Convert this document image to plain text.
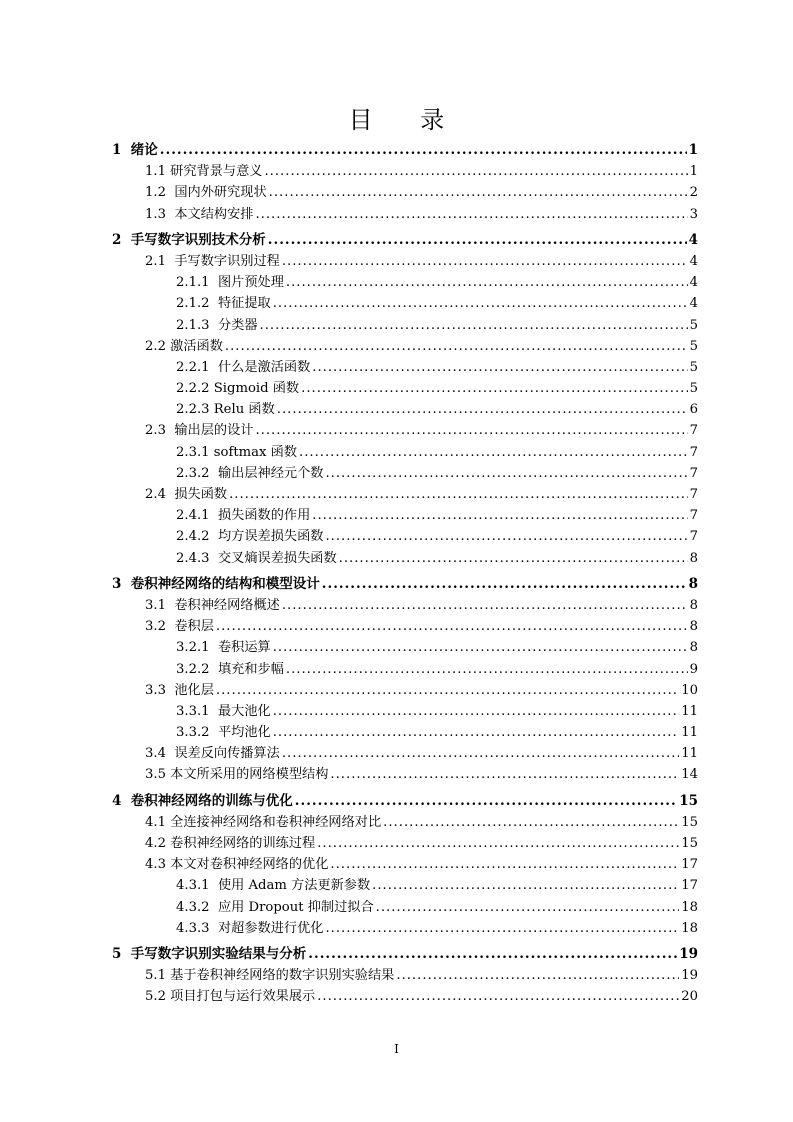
目 录
1  绪论 .....	1
1.1 研究背景与意义 .....	1
1.2  国内外研究现状 .....	2
1.3  本文结构安排 .....	3
2  手写数字识别技术分析 .....	4
2.1  手写数字识别过程 .....	4
2.1.1  图片预处理 .....	4
2.1.2  特征提取 .....	4
2.1.3  分类器 .....	5
2.2 激活函数 .....	5
2.2.1  什么是激活函数 .....	5
2.2.2 Sigmoid 函数 .....	5
2.2.3 Relu 函数 .....	6
2.3  输出层的设计 .....	7
2.3.1 softmax 函数 .....	7
2.3.2  输出层神经元个数 .....	7
2.4  损失函数 .....	7
2.4.1  损失函数的作用 .....	7
2.4.2  均方误差损失函数 .....	7
2.4.3  交叉熵误差损失函数 .....	8
3  卷积神经网络的结构和模型设计 .....	8
3.1  卷积神经网络概述 .....	8
3.2  卷积层 .....	8
3.2.1  卷积运算 .....	8
3.2.2  填充和步幅 .....	9
3.3  池化层 .....	10
3.3.1  最大池化 .....	11
3.3.2  平均池化 .....	11
3.4  误差反向传播算法 .....	11
3.5 本文所采用的网络模型结构 .....	14
4  卷积神经网络的训练与优化 .....	15
4.1 全连接神经网络和卷积神经网络对比 .....	15
4.2 卷积神经网络的训练过程 .....	15
4.3 本文对卷积神经网络的优化 .....	17
4.3.1  使用 Adam 方法更新参数 .....	17
4.3.2  应用 Dropout 抑制过拟合 .....	18
4.3.3  对超参数进行优化 .....	18
5  手写数字识别实验结果与分析 .....	19
5.1 基于卷积神经网络的数字识别实验结果 .....	19
5.2 项目打包与运行效果展示 .....	20
I
